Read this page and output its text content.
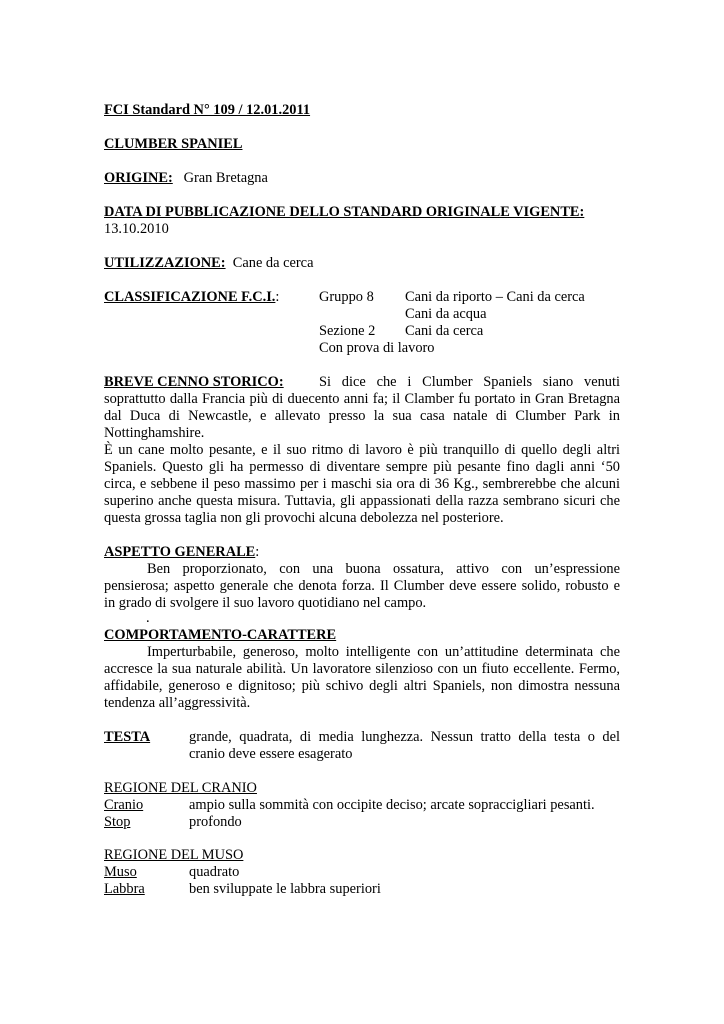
FCI Standard N° 109 / 12.01.2011
CLUMBER SPANIEL
ORIGINE: Gran Bretagna
DATA DI PUBBLICAZIONE DELLO STANDARD ORIGINALE VIGENTE:
13.10.2010
UTILIZZAZIONE: Cane da cerca
CLASSIFICAZIONE F.C.I.:	Gruppo 8 Cani da riporto – Cani da cerca
Cani da acqua
Sezione 2 Cani da cerca
Con prova di lavoro
BREVE CENNO STORICO: Si dice che i Clumber Spaniels siano venuti
soprattutto dalla Francia più di duecento anni fa; il Clamber fu portato in Gran Bretagna
dal Duca di Newcastle, e allevato presso la sua casa natale di Clumber Park in
Nottinghamshire.
È un cane molto pesante, e il suo ritmo di lavoro è più tranquillo di quello degli altri
Spaniels. Questo gli ha permesso di diventare sempre più pesante fino dagli anni ‘50
circa, e sebbene il peso massimo per i maschi sia ora di 36 Kg., sembrerebbe che alcuni
superino anche questa misura. Tuttavia, gli appassionati della razza sembrano sicuri che
questa grossa taglia non gli provochi alcuna debolezza nel posteriore.
ASPETTO GENERALE:
Ben proporzionato, con una buona ossatura, attivo con un’espressione
pensierosa; aspetto generale che denota forza. Il Clumber deve essere solido, robusto e
in grado di svolgere il suo lavoro quotidiano nel campo.
.
COMPORTAMENTO-CARATTERE
Imperturbabile, generoso, molto intelligente con un’attitudine determinata che
accresce la sua naturale abilità. Un lavoratore silenzioso con un fiuto eccellente. Fermo,
affidabile, generoso e dignitoso; più schivo degli altri Spaniels, non dimostra nessuna
tendenza all’aggressività.
TESTA	grande, quadrata, di media lunghezza. Nessun tratto della testa o del
cranio deve essere esagerato
REGIONE DEL CRANIO
Cranio	ampio sulla sommità con occipite deciso; arcate sopraccigliari pesanti.
Stop	profondo
REGIONE DEL MUSO
Muso	quadrato
Labbra	ben sviluppate le labbra superiori
